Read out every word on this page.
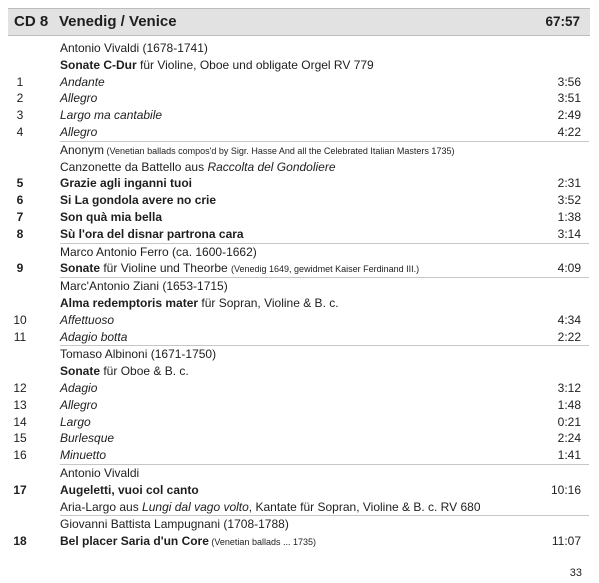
CD 8 Venedig / Venice	67:57
Antonio Vivaldi (1678-1741)
Sonate C-Dur für Violine, Oboe und obligate Orgel RV 779
1	Andante	3:56
2	Allegro	3:51
3	Largo ma cantabile	2:49
4	Allegro	4:22
Anonym (Venetian ballads compos'd by Sigr. Hasse And all the Celebrated Italian Masters 1735)
Canzonette da Battello aus Raccolta del Gondoliere
5	Grazie agli inganni tuoi	2:31
6	Si La gondola avere no crie	3:52
7	Son quà mia bella	1:38
8	Sù l'ora del disnar partrona cara	3:14
Marco Antonio Ferro (ca. 1600-1662)
9	Sonate für Violine und Theorbe (Venedig 1649, gewidmet Kaiser Ferdinand III.)	4:09
Marc'Antonio Ziani (1653-1715)
Alma redemptoris mater für Sopran, Violine & B. c.
10	Affettuoso	4:34
11	Adagio botta	2:22
Tomaso Albinoni (1671-1750)
Sonate für Oboe & B. c.
12	Adagio	3:12
13	Allegro	1:48
14	Largo	0:21
15	Burlesque	2:24
16	Minuetto	1:41
Antonio Vivaldi
17	Augeletti, vuoi col canto	10:16
Aria-Largo aus Lungi dal vago volto, Kantate für Sopran, Violine & B. c. RV 680
Giovanni Battista Lampugnani (1708-1788)
18	Bel placer Saria d'un Core (Venetian ballads ... 1735)	11:07
33
